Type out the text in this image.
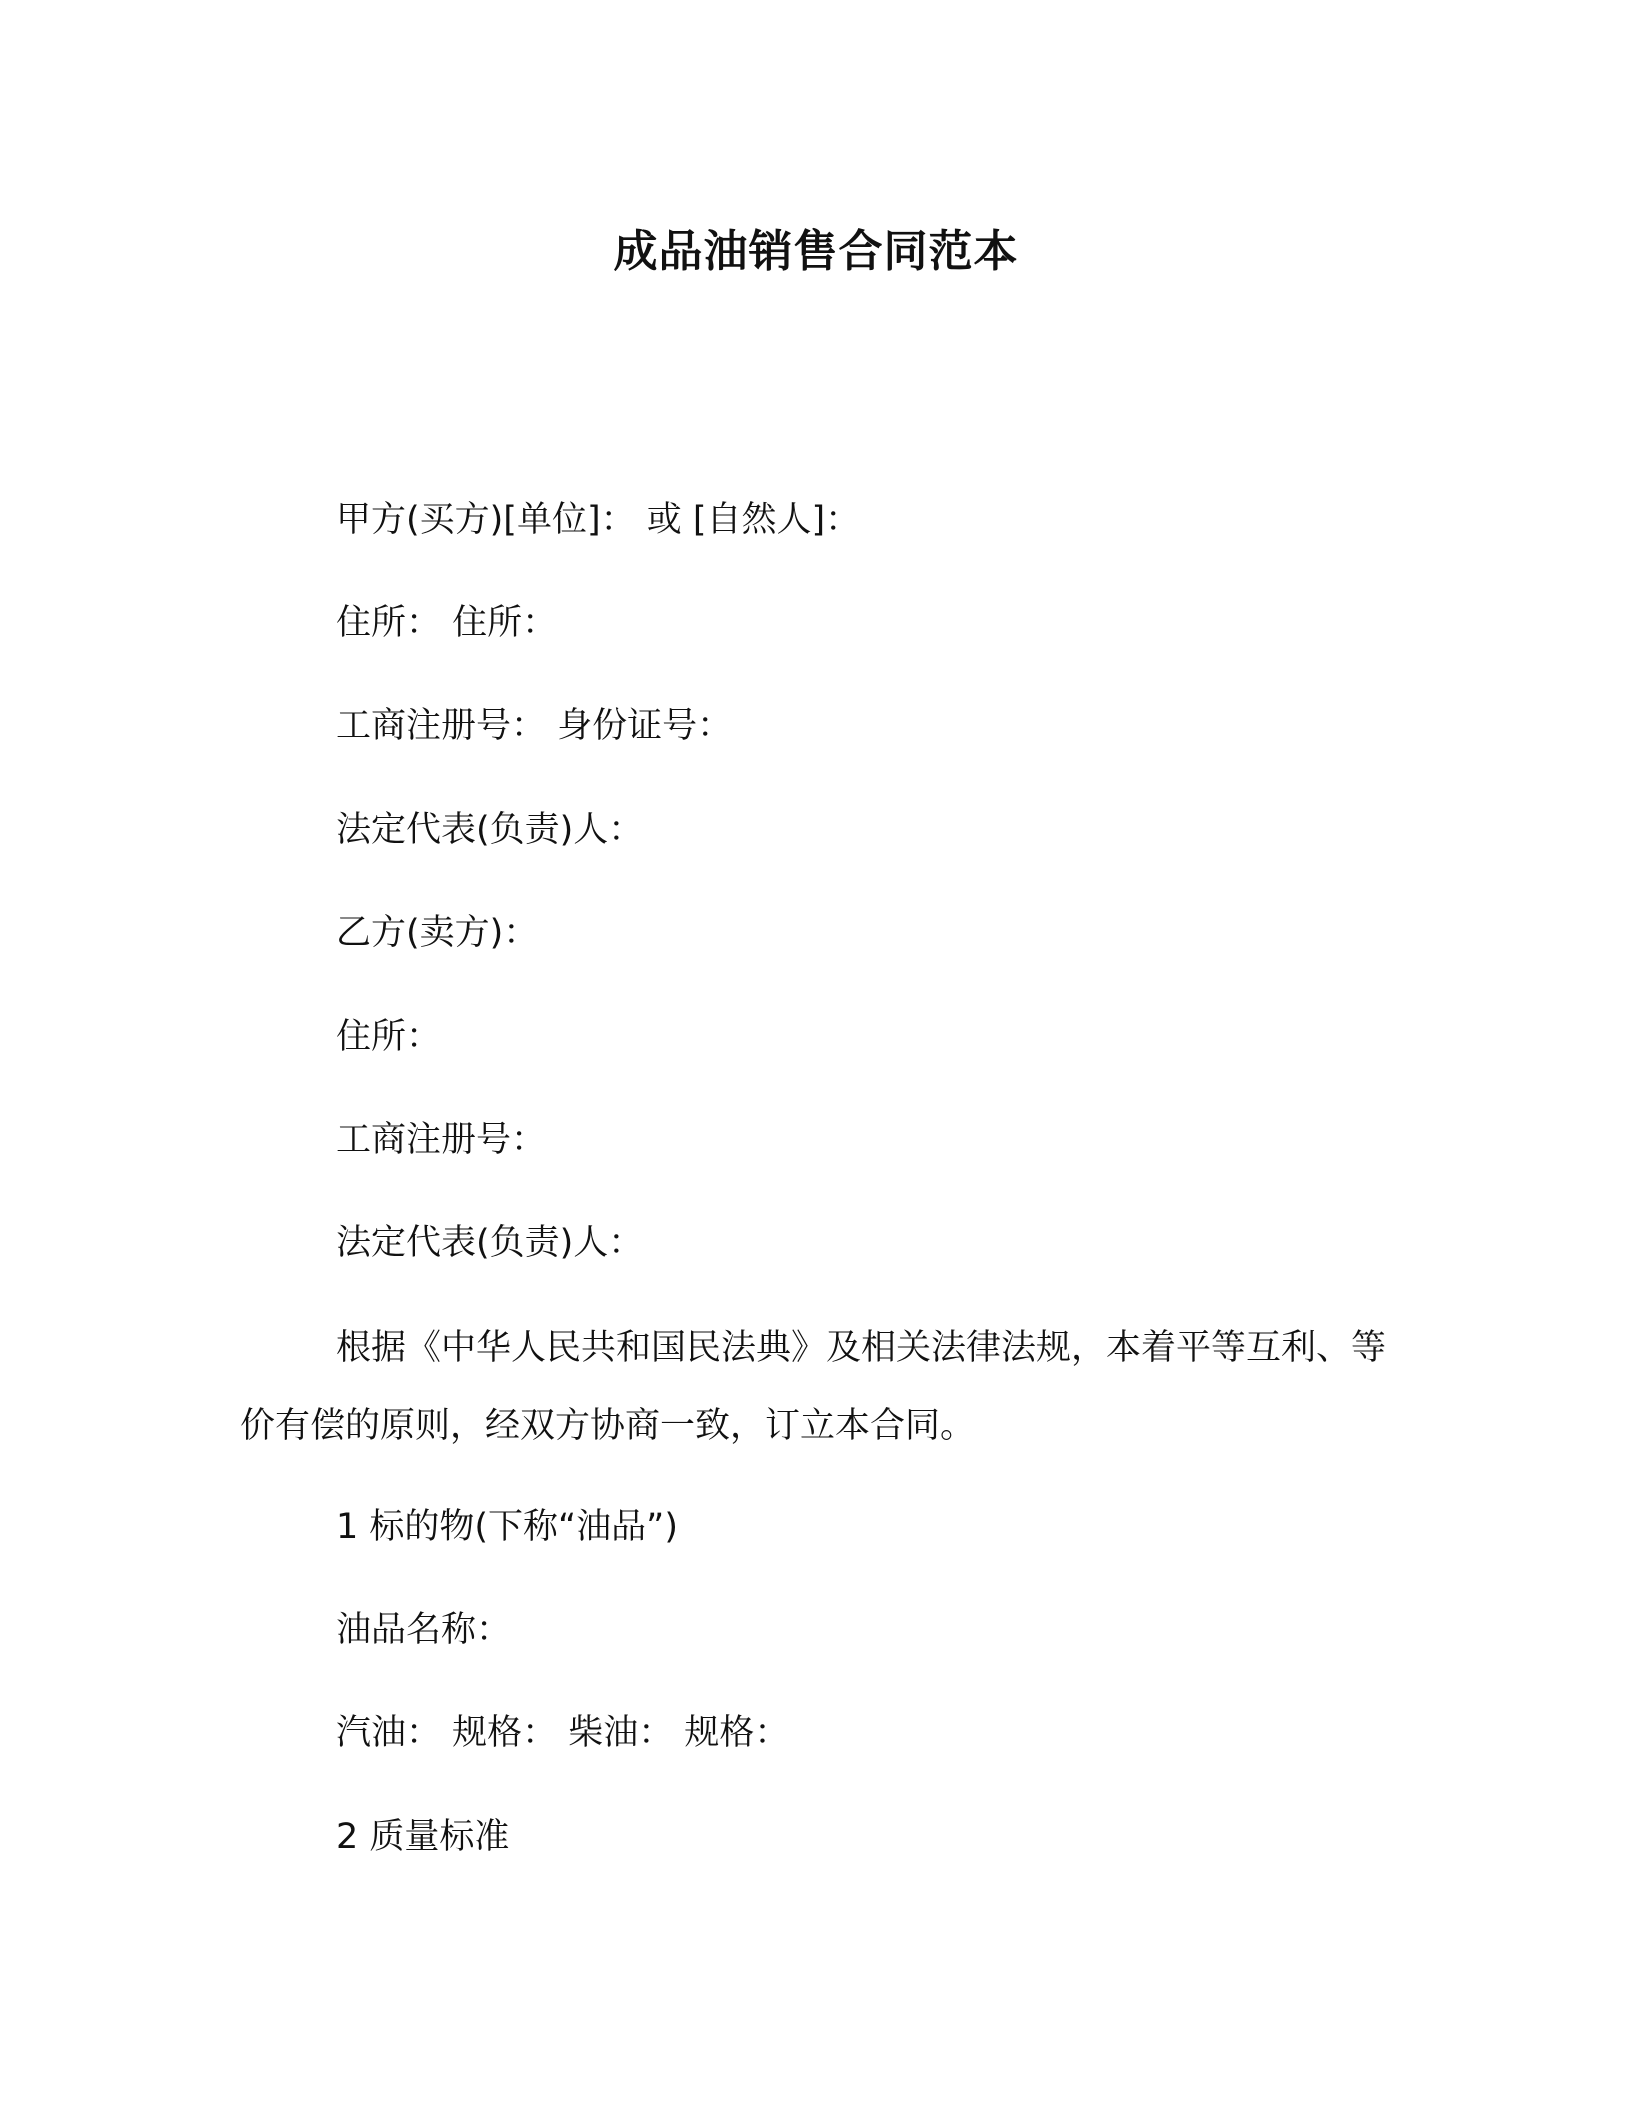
成品油销售合同范本
甲方(买方)[单位]： 或 [自然人]：
住所： 住所：
工商注册号： 身份证号：
法定代表(负责)人：
乙方(卖方)：
住所：
工商注册号：
法定代表(负责)人：
根据《中华人民共和国民法典》及相关法律法规，本着平等互利、等价有偿的原则，经双方协商一致，订立本合同。
1 标的物(下称“油品”)
油品名称：
汽油： 规格： 柴油： 规格：
2 质量标准
